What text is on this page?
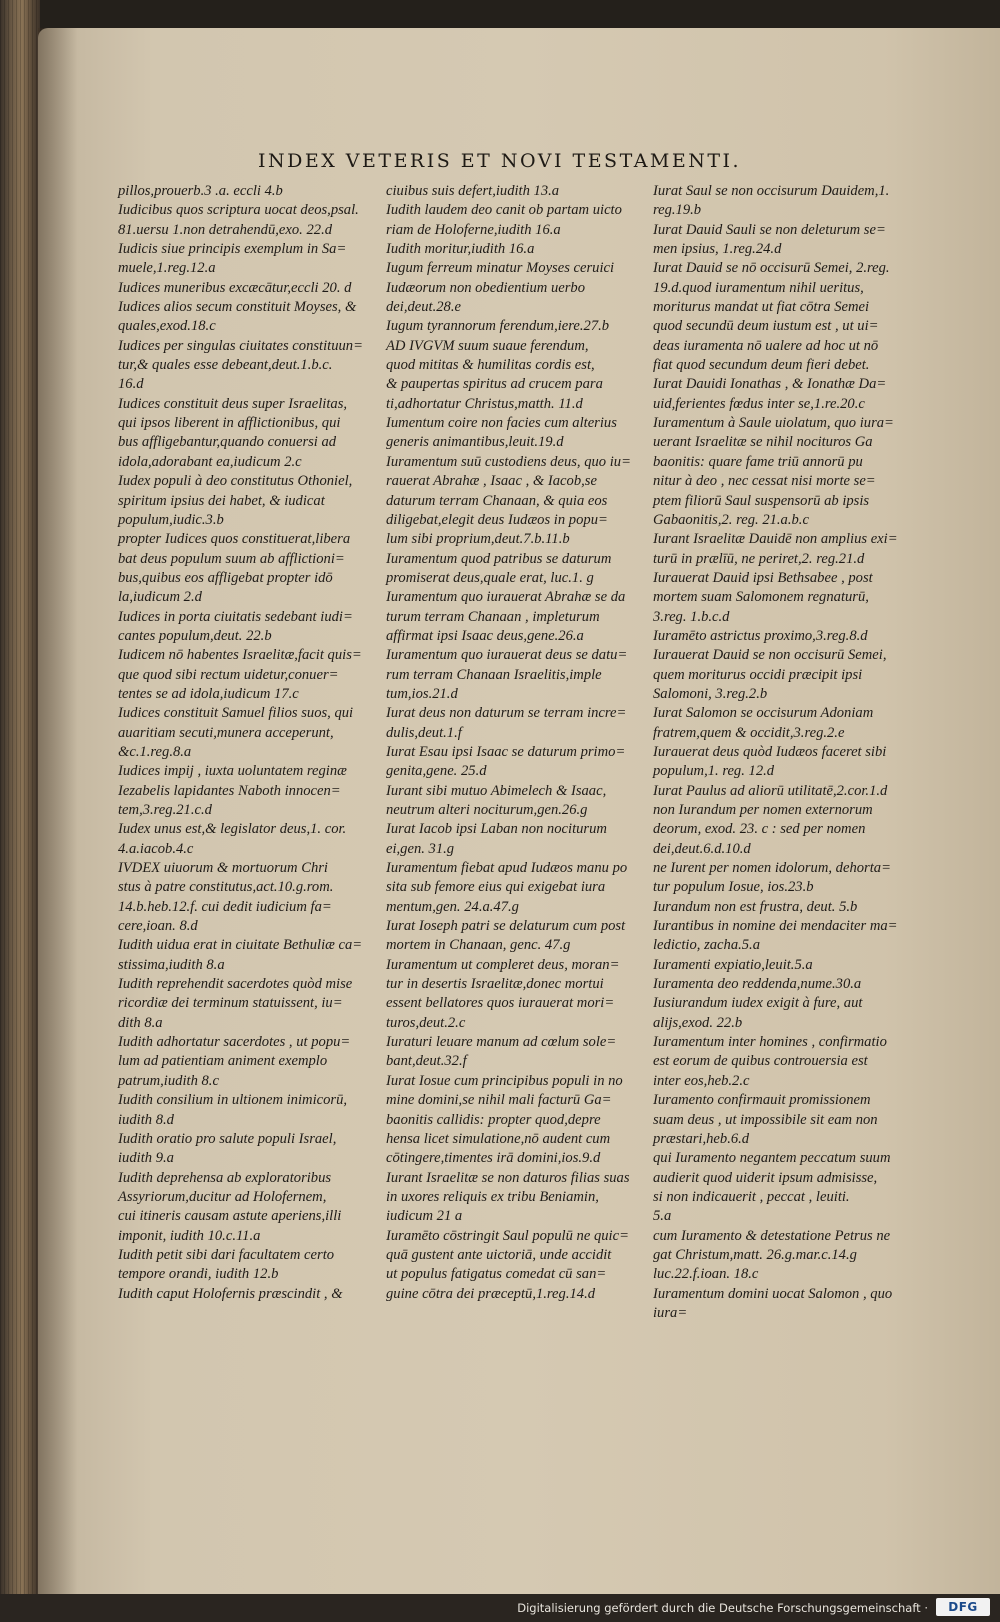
INDEX VETERIS ET NOVI TESTAMENTI.
pillos,prouerb.3 .a. eccli 4.b
Iudicibus quos scriptura uocat deos,psal.
81.uersu 1.non detrahendū,exo. 22.d
Iudicis siue principis exemplum in Sa=
muele,1.reg.12.a
Iudices muneribus excæcātur,eccli 20. d
Iudices alios secum constituit Moyses, &
quales,exod.18.c
Iudices per singulas ciuitates constituun=
tur,& quales esse debeant,deut.1.b.c.
16.d
Iudices constituit deus super Israelitas,
qui ipsos liberent in afflictionibus, qui
bus affligebantur,quando conuersi ad
idola,adorabant ea,iudicum 2.c
Iudex populi à deo constitutus Othoniel,
spiritum ipsius dei habet, & iudicat
populum,iudic.3.b
propter Iudices quos constituerat,libera
bat deus populum suum ab afflictioni=
bus,quibus eos affligebat propter idō
la,iudicum 2.d
Iudices in porta ciuitatis sedebant iudi=
cantes populum,deut. 22.b
Iudicem nō habentes Israelitæ,facit quis=
que quod sibi rectum uidetur,conuer=
tentes se ad idola,iudicum 17.c
Iudices constituit Samuel filios suos, qui
auaritiam secuti,munera acceperunt,
&c.1.reg.8.a
Iudices impij , iuxta uoluntatem reginæ
Iezabelis lapidantes Naboth innocen=
tem,3.reg.21.c.d
Iudex unus est,& legislator deus,1. cor.
4.a.iacob.4.c
IVDEX uiuorum & mortuorum Chri
stus à patre constitutus,act.10.g.rom.
14.b.heb.12.f. cui dedit iudicium fa=
cere,ioan. 8.d
Iudith uidua erat in ciuitate Bethuliæ ca=
stissima,iudith 8.a
Iudith reprehendit sacerdotes quòd mise
ricordiæ dei terminum statuissent, iu=
dith 8.a
Iudith adhortatur sacerdotes , ut popu=
lum ad patientiam animent exemplo
patrum,iudith 8.c
Iudith consilium in ultionem inimicorū,
iudith 8.d
Iudith oratio pro salute populi Israel,
iudith 9.a
Iudith deprehensa ab exploratoribus
Assyriorum,ducitur ad Holofernem,
cui itineris causam astute aperiens,illi
imponit, iudith 10.c.11.a
Iudith petit sibi dari facultatem certo
tempore orandi, iudith 12.b
Iudith caput Holofernis præscindit , &
ciuibus suis defert,iudith 13.a
Iudith laudem deo canit ob partam uicto
riam de Holoferne,iudith 16.a
Iudith moritur,iudith 16.a
Iugum ferreum minatur Moyses ceruici
Iudæorum non obedientium uerbo
dei,deut.28.e
Iugum tyrannorum ferendum,iere.27.b
AD IVGVM suum suaue ferendum,
quod mititas & humilitas cordis est,
& paupertas spiritus ad crucem para
ti,adhortatur Christus,matth. 11.d
Iumentum coire non facies cum alterius
generis animantibus,leuit.19.d
Iuramentum suū custodiens deus, quo iu=
rauerat Abrahæ , Isaac , & Iacob,se
daturum terram Chanaan, & quia eos
diligebat,elegit deus Iudæos in popu=
lum sibi proprium,deut.7.b.11.b
Iuramentum quod patribus se daturum
promiserat deus,quale erat, luc.1. g
Iuramentum quo iurauerat Abrahæ se da
turum terram Chanaan , impleturum
affirmat ipsi Isaac deus,gene.26.a
Iuramentum quo iurauerat deus se datu=
rum terram Chanaan Israelitis,imple
tum,ios.21.d
Iurat deus non daturum se terram incre=
dulis,deut.1.f
Iurat Esau ipsi Isaac se daturum primo=
genita,gene. 25.d
Iurant sibi mutuo Abimelech & Isaac,
neutrum alteri nociturum,gen.26.g
Iurat Iacob ipsi Laban non nociturum
ei,gen. 31.g
Iuramentum fiebat apud Iudæos manu po
sita sub femore eius qui exigebat iura
mentum,gen. 24.a.47.g
Iurat Ioseph patri se delaturum cum post
mortem in Chanaan, genc. 47.g
Iuramentum ut compleret deus, moran=
tur in desertis Israelitæ,donec mortui
essent bellatores quos iurauerat mori=
turos,deut.2.c
Iuraturi leuare manum ad cœlum sole=
bant,deut.32.f
Iurat Iosue cum principibus populi in no
mine domini,se nihil mali facturū Ga=
baonitis callidis: propter quod,depre
hensa licet simulatione,nō audent cum
cōtingere,timentes irā domini,ios.9.d
Iurant Israelitæ se non daturos filias suas
in uxores reliquis ex tribu Beniamin,
iudicum 21 a
Iuramēto cōstringit Saul populū ne quic=
quā gustent ante uictoriā, unde accidit
ut populus fatigatus comedat cū san=
guine cōtra dei præceptū,1.reg.14.d
Iurat Saul se non occisurum Dauidem,1.
reg.19.b
Iurat Dauid Sauli se non deleturum se=
men ipsius, 1.reg.24.d
Iurat Dauid se nō occisurū Semei, 2.reg.
19.d.quod iuramentum nihil ueritus,
moriturus mandat ut fiat cōtra Semei
quod secundū deum iustum est , ut ui=
deas iuramenta nō ualere ad hoc ut nō
fiat quod secundum deum fieri debet.
Iurat Dauidi Ionathas , & Ionathæ Da=
uid,ferientes fœdus inter se,1.re.20.c
Iuramentum à Saule uiolatum, quo iura=
uerant Israelitæ se nihil nocituros Ga
baonitis: quare fame triū annorū pu
nitur à deo , nec cessat nisi morte se=
ptem filiorū Saul suspensorū ab ipsis
Gabaonitis,2. reg. 21.a.b.c
Iurant Israelitæ Dauidē non amplius exi=
turū in prælīū, ne periret,2. reg.21.d
Iurauerat Dauid ipsi Bethsabee , post
mortem suam Salomonem regnaturū,
3.reg. 1.b.c.d
Iuramēto astrictus proximo,3.reg.8.d
Iurauerat Dauid se non occisurū Semei,
quem moriturus occidi præcipit ipsi
Salomoni, 3.reg.2.b
Iurat Salomon se occisurum Adoniam
fratrem,quem & occidit,3.reg.2.e
Iurauerat deus quòd Iudæos faceret sibi
populum,1. reg. 12.d
Iurat Paulus ad aliorū utilitatē,2.cor.1.d
non Iurandum per nomen externorum
deorum, exod. 23. c : sed per nomen
dei,deut.6.d.10.d
ne Iurent per nomen idolorum, dehorta=
tur populum Iosue, ios.23.b
Iurandum non est frustra, deut. 5.b
Iurantibus in nomine dei mendaciter ma=
ledictio, zacha.5.a
Iuramenti expiatio,leuit.5.a
Iuramenta deo reddenda,nume.30.a
Iusiurandum iudex exigit à fure, aut
alijs,exod. 22.b
Iuramentum inter homines , confirmatio
est eorum de quibus controuersia est
inter eos,heb.2.c
Iuramento confirmauit promissionem
suam deus , ut impossibile sit eam non
præstari,heb.6.d
qui Iuramento negantem peccatum suum
audierit quod uiderit ipsum admisisse,
si non indicauerit , peccat , leuiti.
5.a
cum Iuramento & detestatione Petrus ne
gat Christum,matt. 26.g.mar.c.14.g
luc.22.f.ioan. 18.c
Iuramentum domini uocat Salomon , quo
iura=
Digitalisierung gefördert durch die Deutsche Forschungsgemeinschaft ·	DFG
